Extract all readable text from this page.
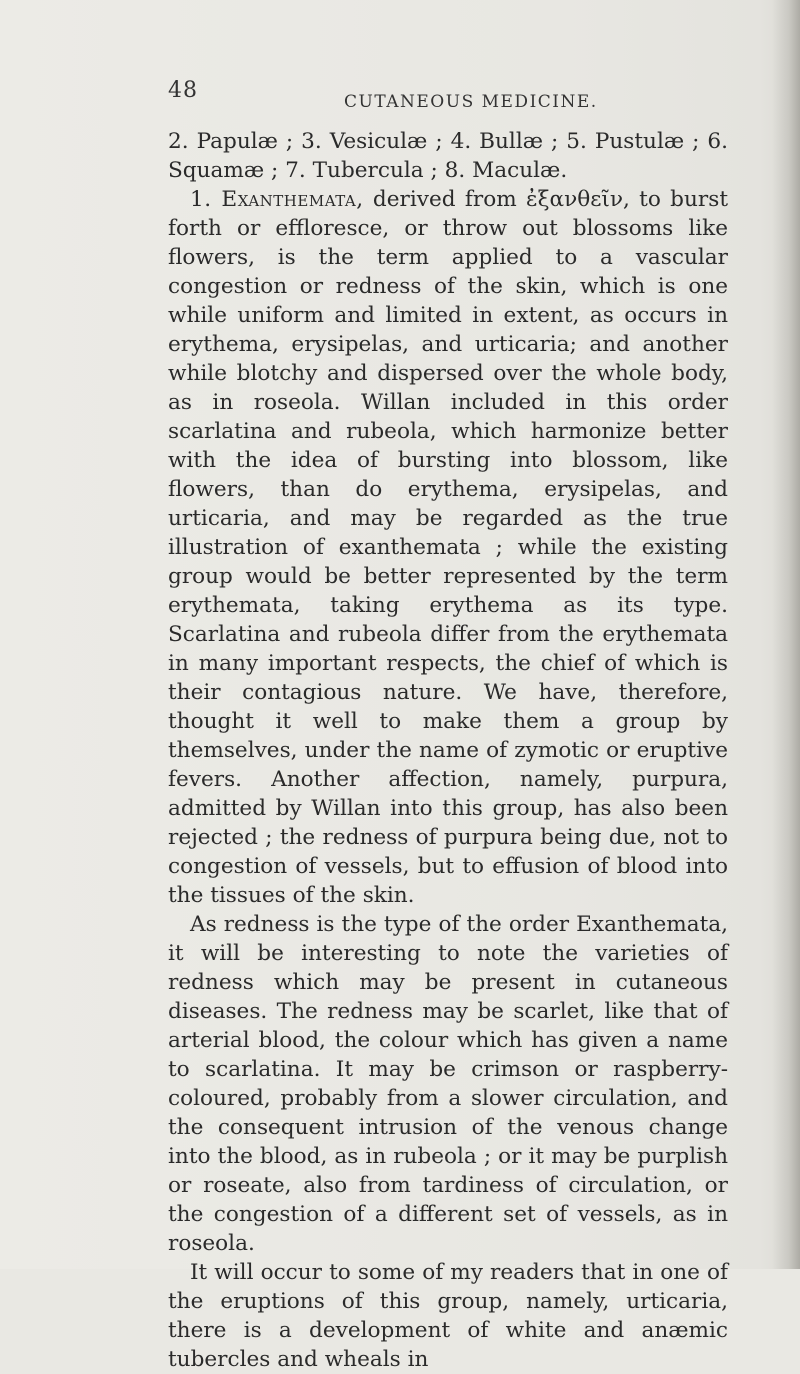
48	CUTANEOUS MEDICINE.

2. Papulæ ; 3. Vesiculæ ; 4. Bullæ ; 5. Pustulæ ; 6. Squamæ ; 7. Tubercula ; 8. Maculæ.

1. Exanthemata, derived from ἐξανθεῖν, to burst forth or effloresce, or throw out blossoms like flowers, is the term applied to a vascular congestion or redness of the skin, which is one while uniform and limited in extent, as occurs in erythema, erysipelas, and urticaria; and another while blotchy and dispersed over the whole body, as in roseola. Willan included in this order scarlatina and rubeola, which harmonize better with the idea of bursting into blossom, like flowers, than do erythema, erysipelas, and urticaria, and may be regarded as the true illustration of exanthemata ; while the existing group would be better represented by the term erythemata, taking erythema as its type. Scarlatina and rubeola differ from the erythemata in many important respects, the chief of which is their contagious nature. We have, therefore, thought it well to make them a group by themselves, under the name of zymotic or eruptive fevers. Another affection, namely, purpura, admitted by Willan into this group, has also been rejected ; the redness of purpura being due, not to congestion of vessels, but to effusion of blood into the tissues of the skin.

As redness is the type of the order Exanthemata, it will be interesting to note the varieties of redness which may be present in cutaneous diseases. The redness may be scarlet, like that of arterial blood, the colour which has given a name to scarlatina. It may be crimson or raspberry-coloured, probably from a slower circulation, and the consequent intrusion of the venous change into the blood, as in rubeola ; or it may be purplish or roseate, also from tardiness of circulation, or the congestion of a different set of vessels, as in roseola.

It will occur to some of my readers that in one of the eruptions of this group, namely, urticaria, there is a development of white and anæmic tubercles and wheals in
